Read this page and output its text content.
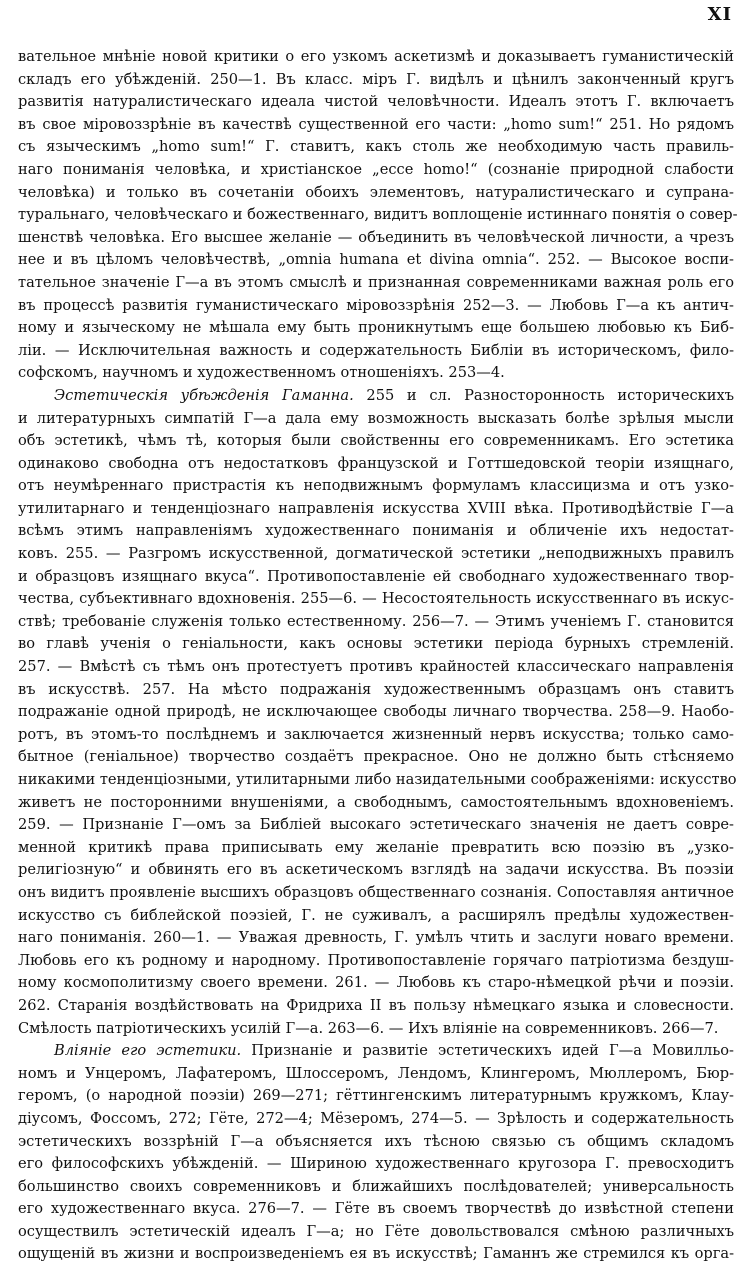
XI
вательное мнѣніе новой критики о его узкомъ аскетизмѣ и доказываетъ гуманистическій
складъ его убѣжденій. 250—1. Въ класс. міръ Г. видѣлъ и цѣнилъ законченный кругъ
развитія натуралистическаго идеала чистой человѣчности. Идеалъ этотъ Г. включаетъ
въ свое міровоззрѣніе въ качествѣ существенной его части: „homo sum!“ 251. Но рядомъ
съ языческимъ „homo sum!“ Г. ставитъ, какъ столь же необходимую часть правиль-
наго пониманія человѣка, и христіанское „ecce homo!“ (сознаніе природной слабости
человѣка) и только въ сочетаніи обоихъ элементовъ, натуралистическаго и супрана-
туральнаго, человѣческаго и божественнаго, видитъ воплощеніе истиннаго понятія о совер-
шенствѣ человѣка. Его высшее желаніе — объединить въ человѣческой личности, а чрезъ
нее и въ цѣломъ человѣчествѣ, „omnia humana et divina omnia“. 252. — Высокое воспи-
тательное значеніе Г—а въ этомъ смыслѣ и признанная современниками важная роль его
въ процессѣ развитія гуманистическаго міровоззрѣнія 252—3. — Любовь Г—а къ антич-
ному и языческому не мѣшала ему быть проникнутымъ еще большею любовью къ Биб-
ліи. — Исключительная важность и содержательность Библіи въ историческомъ, фило-
софскомъ, научномъ и художественномъ отношеніяхъ. 253—4.
Эстетическія убѣжденія Гаманна. 255 и сл. Разносторонность историческихъ
и литературныхъ симпатій Г—а дала ему возможность высказать болѣе зрѣлыя мысли
объ эстетикѣ, чѣмъ тѣ, которыя были свойственны его современникамъ. Его эстетика
одинаково свободна отъ недостатковъ французской и Готтшедовской теоріи изящнаго,
отъ неумѣреннаго пристрастія къ неподвижнымъ формуламъ классицизма и отъ узко-
утилитарнаго и тенденціознаго направленія искусства XVIII вѣка. Противодѣйствіе Г—а
всѣмъ этимъ направленіямъ художественнаго пониманія и обличеніе ихъ недостат-
ковъ. 255. — Разгромъ искусственной, догматической эстетики „неподвижныхъ правилъ
и образцовъ изящнаго вкуса“. Противопоставленіе ей свободнаго художественнаго твор-
чества, субъективнаго вдохновенія. 255—6. — Несостоятельность искусственнаго въ искус-
ствѣ; требованіе служенія только естественному. 256—7. — Этимъ ученіемъ Г. становится
во главѣ ученія о геніальности, какъ основы эстетики періода бурныхъ стремленій.
257. — Вмѣстѣ съ тѣмъ онъ протестуетъ противъ крайностей классическаго направленія
въ искусствѣ. 257. На мѣсто подражанія художественнымъ образцамъ онъ ставитъ
подражаніе одной природѣ, не исключающее свободы личнаго творчества. 258—9. Наобо-
ротъ, въ этомъ-то послѣднемъ и заключается жизненный нервъ искусства; только само-
бытное (геніальное) творчество создаётъ прекрасное. Оно не должно быть стѣсняемо
никакими тенденціозными, утилитарными либо назидательными соображеніями: искусство
живетъ не посторонними внушеніями, а свободнымъ, самостоятельнымъ вдохновеніемъ.
259. — Признаніе Г—омъ за Библіей высокаго эстетическаго значенія не даетъ совре-
менной критикѣ права приписывать ему желаніе превратить всю поэзію въ „узко-
религіозную“ и обвинять его въ аскетическомъ взглядѣ на задачи искусства. Въ поэзіи
онъ видитъ проявленіе высшихъ образцовъ общественнаго сознанія. Сопоставляя античное
искусство съ библейской поэзіей, Г. не суживалъ, а расширялъ предѣлы художествен-
наго пониманія. 260—1. — Уважая древность, Г. умѣлъ чтить и заслуги новаго времени.
Любовь его къ родному и народному. Противопоставленіе горячаго патріотизма бездуш-
ному космополитизму своего времени. 261. — Любовь къ старо-нѣмецкой рѣчи и поэзіи.
262. Старанія воздѣйствовать на Фридриха II въ пользу нѣмецкаго языка и словесности.
Смѣлость патріотическихъ усилій Г—а. 263—6. — Ихъ вліяніе на современниковъ. 266—7.
Вліяніе его эстетики. Признаніе и развитіе эстетическихъ идей Г—а Мовилльо-
номъ и Унцеромъ, Лафатеромъ, Шлоссеромъ, Лендомъ, Клингеромъ, Мюллеромъ, Бюр-
геромъ, (о народной поэзіи) 269—271; гёттингенскимъ литературнымъ кружкомъ, Клау-
діусомъ, Фоссомъ, 272; Гёте, 272—4; Мёзеромъ, 274—5. — Зрѣлость и содержательность
эстетическихъ воззрѣній Г—а объясняется ихъ тѣсною связью съ общимъ складомъ
его философскихъ убѣжденій. — Шириною художественнаго кругозора Г. превосходитъ
большинство своихъ современниковъ и ближайшихъ послѣдователей; универсальность
его художественнаго вкуса. 276—7. — Гёте въ своемъ творчествѣ до извѣстной степени
осуществилъ эстетическій идеалъ Г—а; но Гёте довольствовался смѣною различныхъ
ощущеній въ жизни и воспроизведеніемъ ея въ искусствѣ; Гаманнъ же стремился къ орга-
